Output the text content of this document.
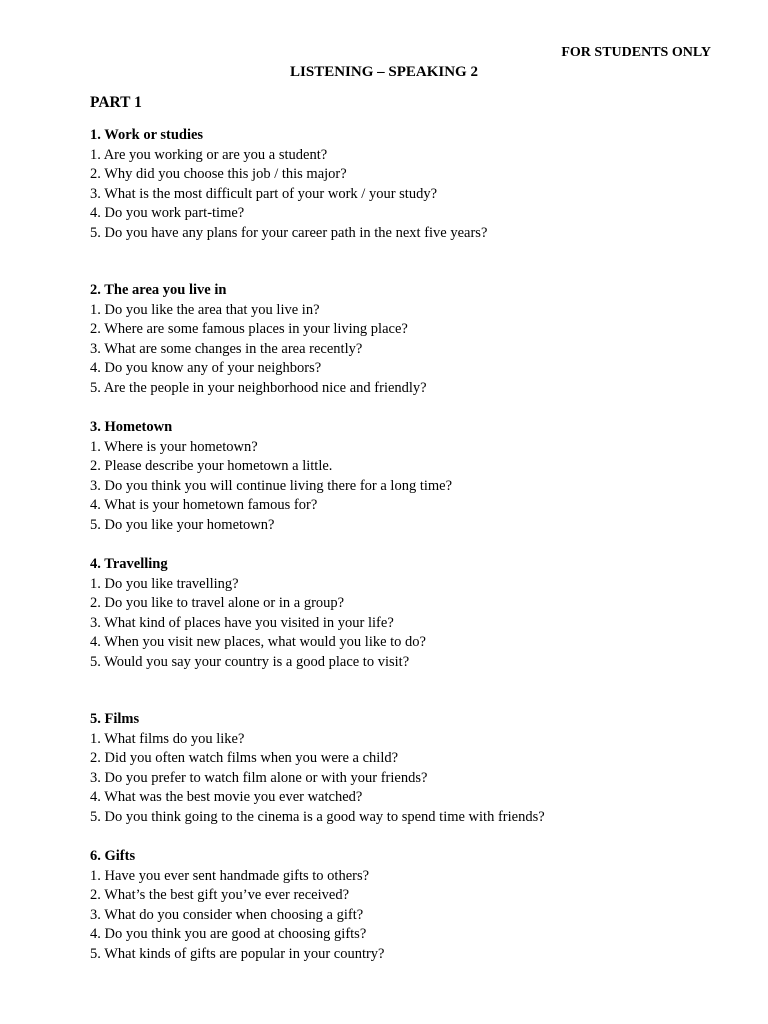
FOR STUDENTS ONLY
LISTENING – SPEAKING 2
PART 1
1. Work or studies
1. Are you working or are you a student?
2. Why did you choose this job / this major?
3. What is the most difficult part of your work / your study?
4. Do you work part-time?
5. Do you have any plans for your career path in the next five years?
2. The area you live in
1. Do you like the area that you live in?
2. Where are some famous places in your living place?
3. What are some changes in the area recently?
4. Do you know any of your neighbors?
5. Are the people in your neighborhood nice and friendly?
3. Hometown
1. Where is your hometown?
2. Please describe your hometown a little.
3. Do you think you will continue living there for a long time?
4. What is your hometown famous for?
5. Do you like your hometown?
4. Travelling
1. Do you like travelling?
2. Do you like to travel alone or in a group?
3. What kind of places have you visited in your life?
4. When you visit new places, what would you like to do?
5. Would you say your country is a good place to visit?
5. Films
1. What films do you like?
2. Did you often watch films when you were a child?
3. Do you prefer to watch film alone or with your friends?
4. What was the best movie you ever watched?
5. Do you think going to the cinema is a good way to spend time with friends?
6. Gifts
1. Have you ever sent handmade gifts to others?
2. What’s the best gift you’ve ever received?
3. What do you consider when choosing a gift?
4. Do you think you are good at choosing gifts?
5. What kinds of gifts are popular in your country?
